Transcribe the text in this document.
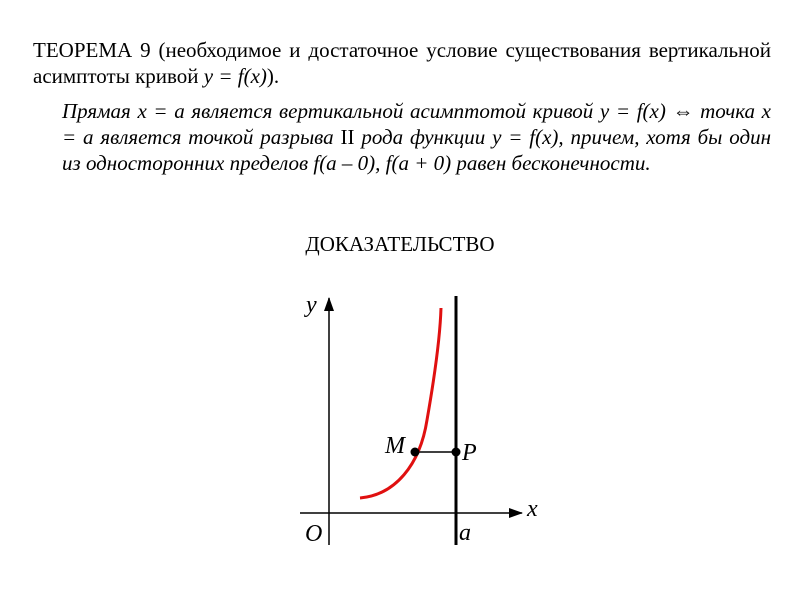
ТЕОРЕМА 9 (необходимое и достаточное условие существования вертикальной асимптоты кривой y = f(x)).
Прямая x = a является вертикальной асимптотой кривой y = f(x) ⇔ точка x = a является точкой разрыва II рода функции y = f(x), причем, хотя бы один из односторонних пределов f(a – 0), f(a + 0) равен бесконечности.
ДОКАЗАТЕЛЬСТВО
y
x
O	a
M P
